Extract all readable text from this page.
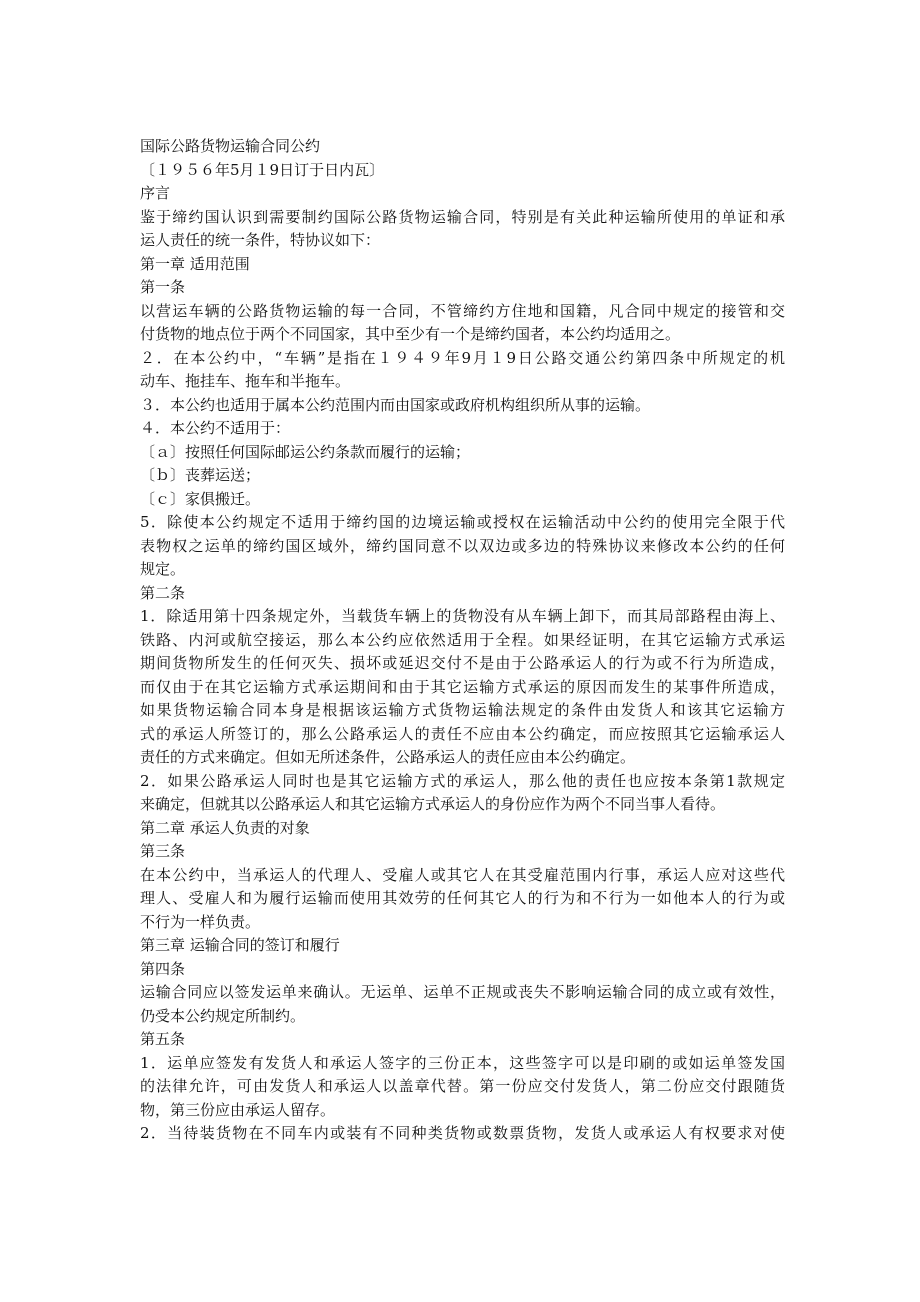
国际公路货物运输合同公约
〔１９５６年5月１9日订于日内瓦〕
序言
鉴于缔约国认识到需要制约国际公路货物运输合同，特别是有关此种运输所使用的单证和承
运人责任的统一条件，特协议如下：
第一章 适用范围
第一条
以营运车辆的公路货物运输的每一合同，不管缔约方住地和国籍，凡合同中规定的接管和交
付货物的地点位于两个不同国家，其中至少有一个是缔约国者，本公约均适用之。
２．在本公约中，“车辆”是指在１９４９年9月１9日公路交通公约第四条中所规定的机
动车、拖挂车、拖车和半拖车。
３．本公约也适用于属本公约范围内而由国家或政府机构组织所从事的运输。
４．本公约不适用于：
〔ａ〕按照任何国际邮运公约条款而履行的运输；
〔ｂ〕丧葬运送；
〔ｃ〕家俱搬迁。
5．除使本公约规定不适用于缔约国的边境运输或授权在运输活动中公约的使用完全限于代
表物权之运单的缔约国区域外，缔约国同意不以双边或多边的特殊协议来修改本公约的任何
规定。
第二条
1．除适用第十四条规定外，当载货车辆上的货物没有从车辆上卸下，而其局部路程由海上、
铁路、内河或航空接运，那么本公约应依然适用于全程。如果经证明，在其它运输方式承运
期间货物所发生的任何灭失、损坏或延迟交付不是由于公路承运人的行为或不行为所造成，
而仅由于在其它运输方式承运期间和由于其它运输方式承运的原因而发生的某事件所造成，
如果货物运输合同本身是根据该运输方式货物运输法规定的条件由发货人和该其它运输方
式的承运人所签订的，那么公路承运人的责任不应由本公约确定，而应按照其它运输承运人
责任的方式来确定。但如无所述条件，公路承运人的责任应由本公约确定。
2．如果公路承运人同时也是其它运输方式的承运人，那么他的责任也应按本条第1款规定
来确定，但就其以公路承运人和其它运输方式承运人的身份应作为两个不同当事人看待。
第二章 承运人负责的对象
第三条
在本公约中，当承运人的代理人、受雇人或其它人在其受雇范围内行事，承运人应对这些代
理人、受雇人和为履行运输而使用其效劳的任何其它人的行为和不行为一如他本人的行为或
不行为一样负责。
第三章 运输合同的签订和履行
第四条
运输合同应以签发运单来确认。无运单、运单不正规或丧失不影响运输合同的成立或有效性，
仍受本公约规定所制约。
第五条
1．运单应签发有发货人和承运人签字的三份正本，这些签字可以是印刷的或如运单签发国
的法律允许，可由发货人和承运人以盖章代替。第一份应交付发货人，第二份应交付跟随货
物，第三份应由承运人留存。
2．当待装货物在不同车内或装有不同种类货物或数票货物，发货人或承运人有权要求对使
